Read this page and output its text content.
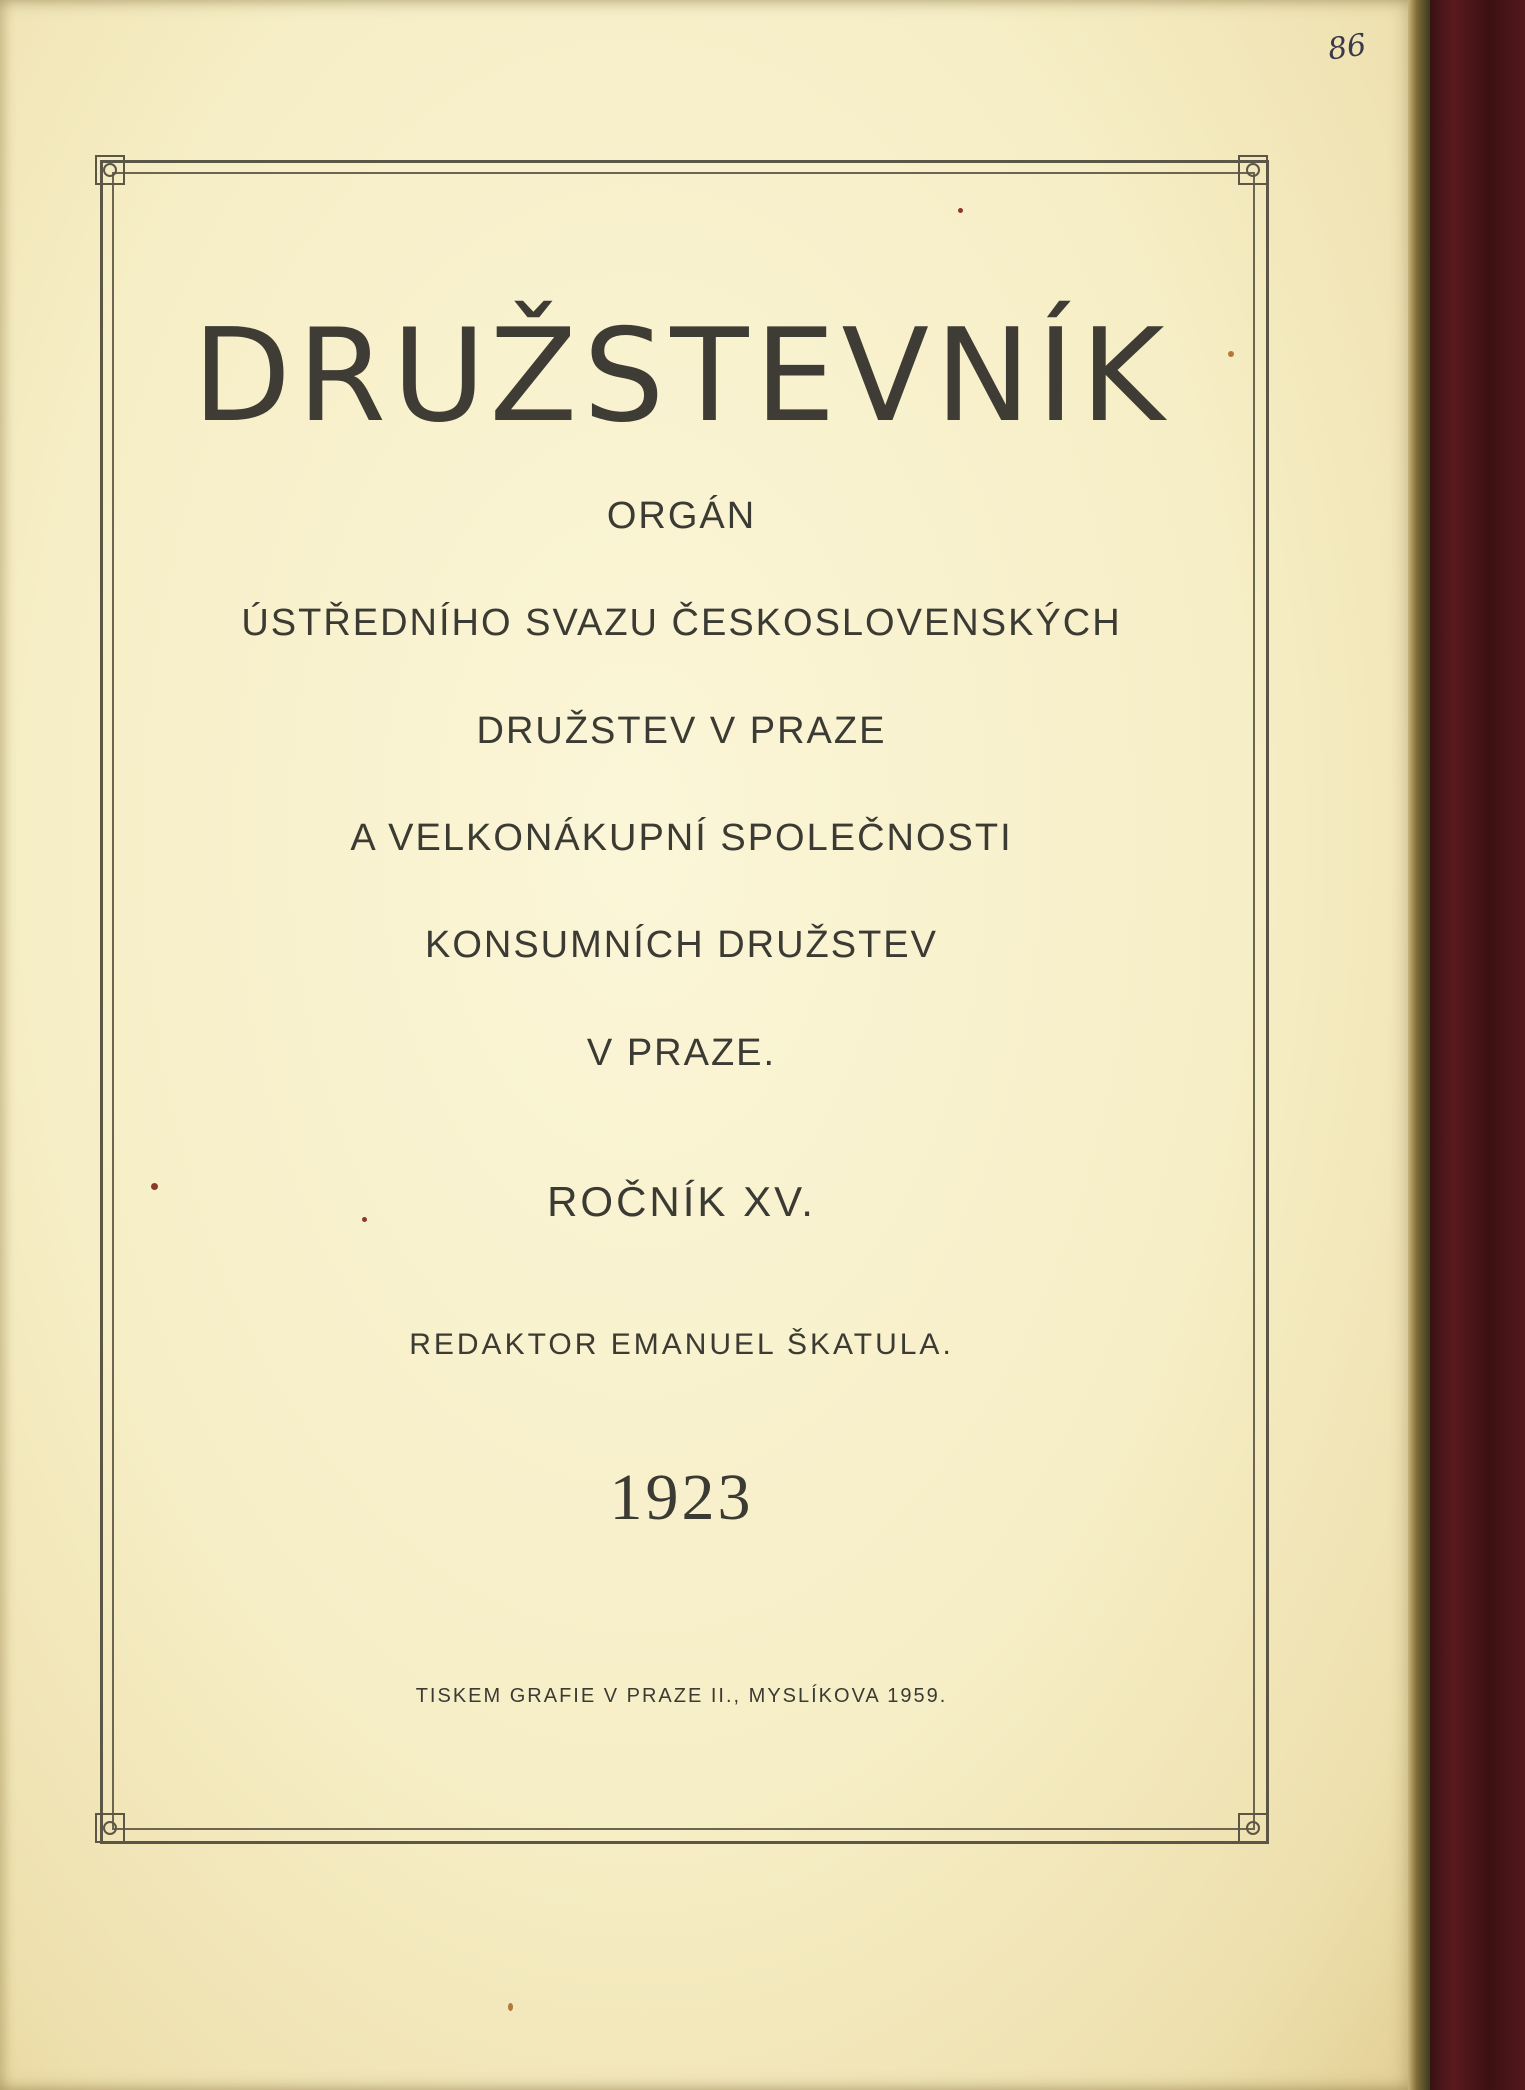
86
DRUŽSTEVNÍK
ORGÁN
ÚSTŘEDNÍHO SVAZU ČESKOSLOVENSKÝCH
DRUŽSTEV V PRAZE
A VELKONÁKUPNÍ SPOLEČNOSTI
KONSUMNÍCH DRUŽSTEV
V PRAZE.
ROČNÍK XV.
REDAKTOR EMANUEL ŠKATULA.
1923
TISKEM GRAFIE V PRAZE II., MYSLÍKOVA 1959.
